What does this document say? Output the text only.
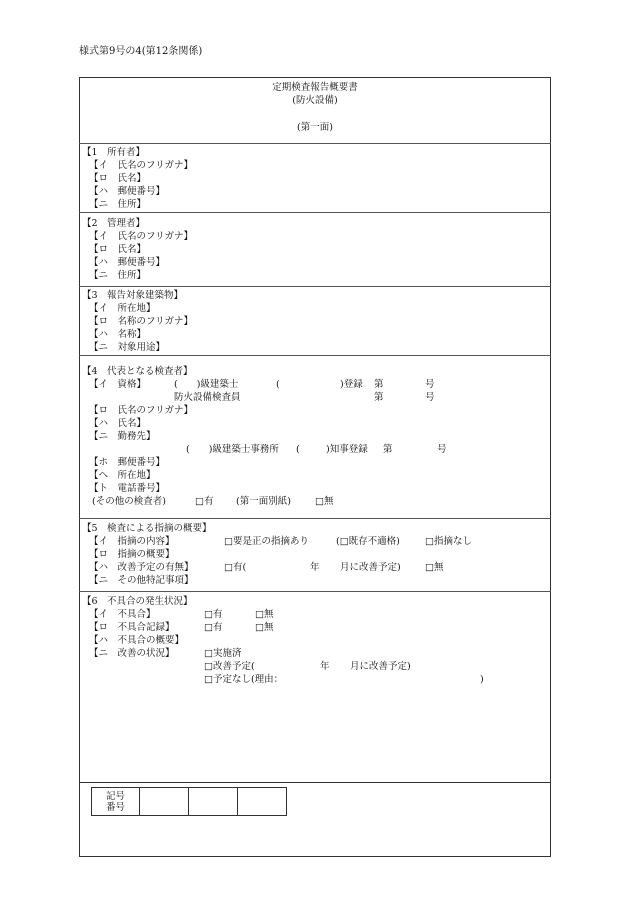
様式第9号の4(第12条関係)
定期検査報告概要書
(防火設備)
(第一面)
【1　所有者】
【イ　氏名のフリガナ】
【ロ　氏名】
【ハ　郵便番号】
【ニ　住所】
【2　管理者】
【イ　氏名のフリガナ】
【ロ　氏名】
【ハ　郵便番号】
【ニ　住所】
【3　報告対象建築物】
【イ　所在地】
【ロ　名称のフリガナ】
【ハ　名称】
【ニ　対象用途】
【4　代表となる検査者】
【イ　資格】	(　　)級建築士	(	)登録 第	号
防火設備検査員	第	号
【ロ　氏名のフリガナ】
【ハ　氏名】
【ニ　勤務先】
(　　)級建築士事務所 (	)知事登録 第	号
【ホ　郵便番号】
【ヘ　所在地】
【ト　電話番号】
(その他の検査者)	□有 (第一面別紙)	□無
【5　検査による指摘の概要】
【イ　指摘の内容】	□要是正の指摘あり	(□既存不適格)	□指摘なし
【ロ　指摘の概要】
【ハ　改善予定の有無】	□有(	年 月に改善予定)	□無
【ニ　その他特記事項】
【6　不具合の発生状況】
【イ　不具合】	□有	□無
【ロ　不具合記録】	□有	□無
【ハ　不具合の概要】
【ニ　改善の状況】	□実施済
□改善予定(	年 月に改善予定)
□予定なし(理由：	)
記号
番号			
